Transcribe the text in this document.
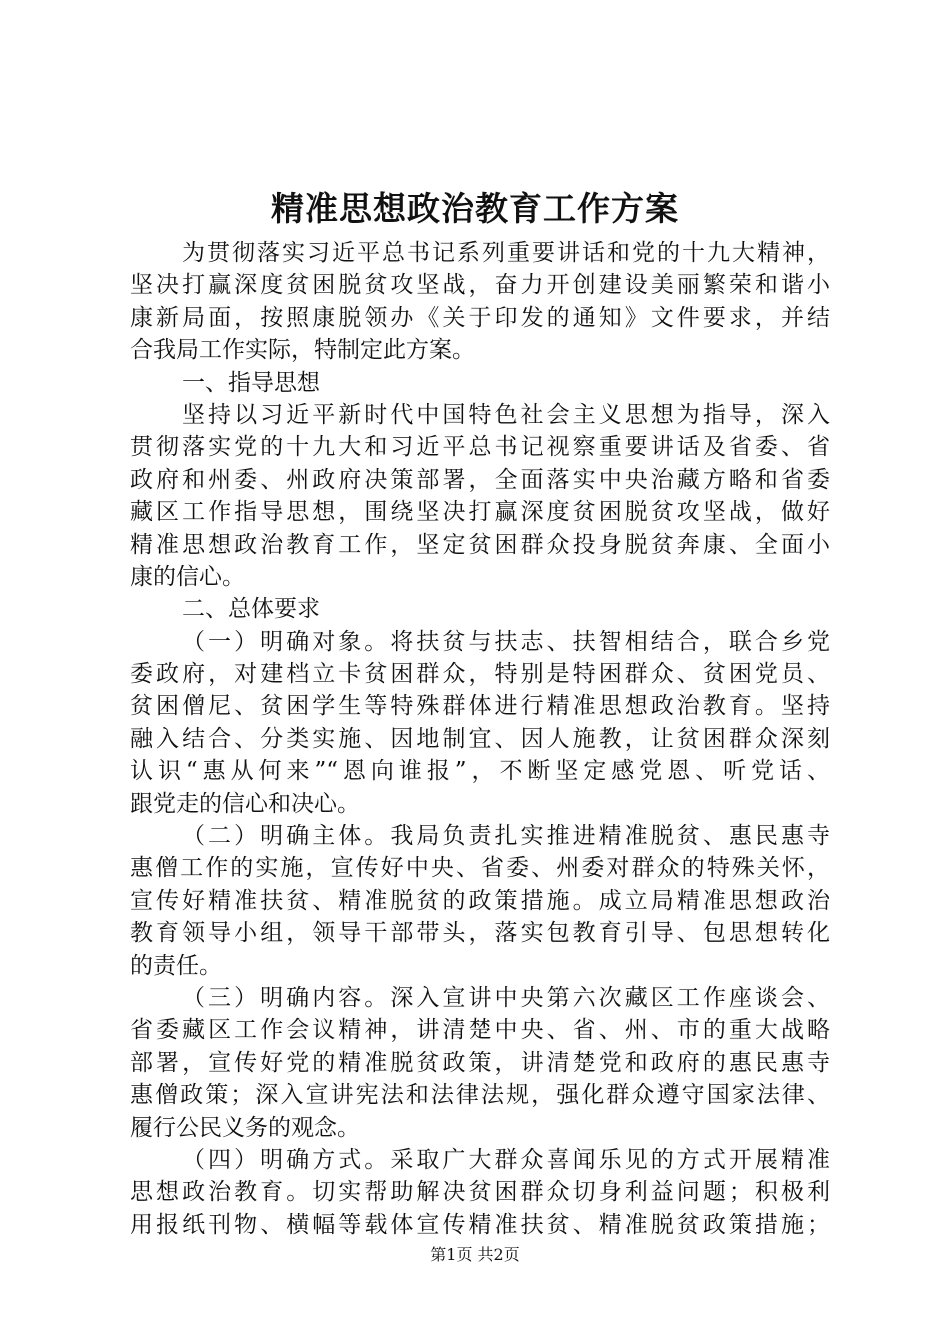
精准思想政治教育工作方案
为贯彻落实习近平总书记系列重要讲话和党的十九大精神，
坚决打赢深度贫困脱贫攻坚战，奋力开创建设美丽繁荣和谐小
康新局面，按照康脱领办《关于印发的通知》文件要求，并结
合我局工作实际，特制定此方案。
一、指导思想
坚持以习近平新时代中国特色社会主义思想为指导，深入
贯彻落实党的十九大和习近平总书记视察重要讲话及省委、省
政府和州委、州政府决策部署，全面落实中央治藏方略和省委
藏区工作指导思想，围绕坚决打赢深度贫困脱贫攻坚战，做好
精准思想政治教育工作，坚定贫困群众投身脱贫奔康、全面小
康的信心。
二、总体要求
（一）明确对象。将扶贫与扶志、扶智相结合，联合乡党
委政府，对建档立卡贫困群众，特别是特困群众、贫困党员、
贫困僧尼、贫困学生等特殊群体进行精准思想政治教育。坚持
融入结合、分类实施、因地制宜、因人施教，让贫困群众深刻
认识“惠从何来”“恩向谁报”，不断坚定感党恩、听党话、
跟党走的信心和决心。
（二）明确主体。我局负责扎实推进精准脱贫、惠民惠寺
惠僧工作的实施，宣传好中央、省委、州委对群众的特殊关怀，
宣传好精准扶贫、精准脱贫的政策措施。成立局精准思想政治
教育领导小组，领导干部带头，落实包教育引导、包思想转化
的责任。
（三）明确内容。深入宣讲中央第六次藏区工作座谈会、
省委藏区工作会议精神，讲清楚中央、省、州、市的重大战略
部署，宣传好党的精准脱贫政策，讲清楚党和政府的惠民惠寺
惠僧政策；深入宣讲宪法和法律法规，强化群众遵守国家法律、
履行公民义务的观念。
（四）明确方式。采取广大群众喜闻乐见的方式开展精准
思想政治教育。切实帮助解决贫困群众切身利益问题；积极利
用报纸刊物、横幅等载体宣传精准扶贫、精准脱贫政策措施；
第1页 共2页
